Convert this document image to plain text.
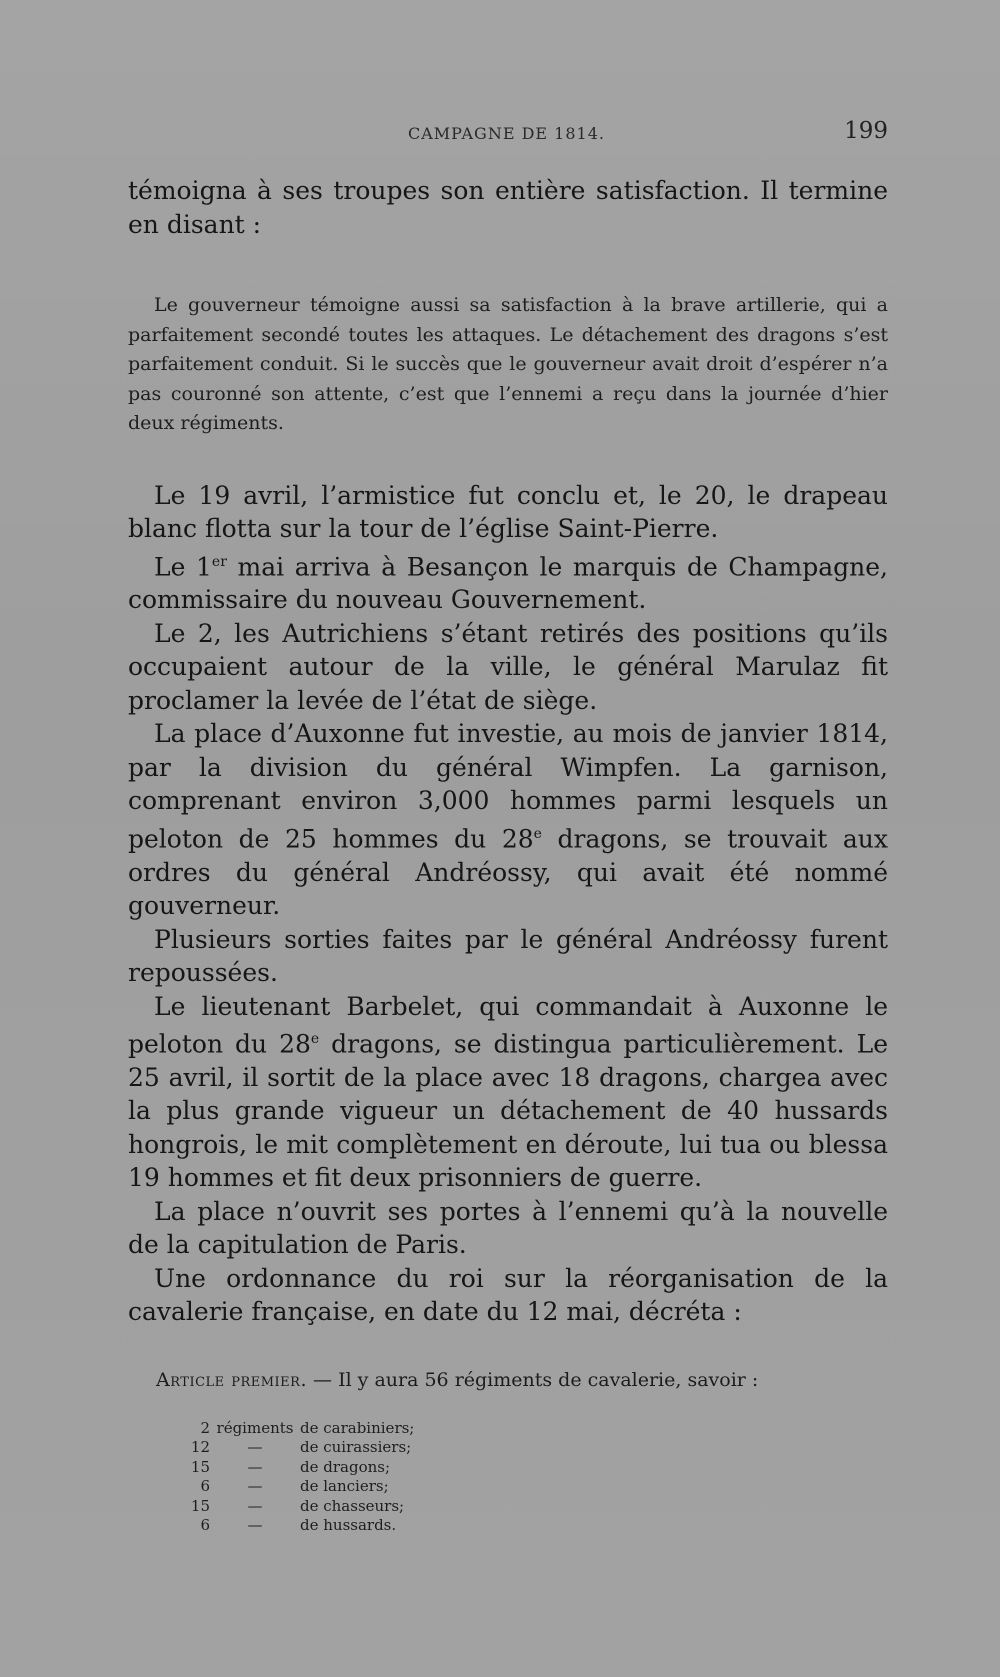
CAMPAGNE DE 1814.	199

témoigna à ses troupes son entière satisfaction. Il termine en disant :

Le gouverneur témoigne aussi sa satisfaction à la brave artillerie, qui a parfaitement secondé toutes les attaques. Le détachement des dragons s’est parfaitement conduit. Si le succès que le gouverneur avait droit d’espérer n’a pas couronné son attente, c’est que l’ennemi a reçu dans la journée d’hier deux régiments.

Le 19 avril, l’armistice fut conclu et, le 20, le drapeau blanc flotta sur la tour de l’église Saint-Pierre.

Le 1er mai arriva à Besançon le marquis de Champagne, commissaire du nouveau Gouvernement.

Le 2, les Autrichiens s’étant retirés des positions qu’ils occupaient autour de la ville, le général Marulaz fit proclamer la levée de l’état de siège.

La place d’Auxonne fut investie, au mois de janvier 1814, par la division du général Wimpfen. La garnison, comprenant environ 3,000 hommes parmi lesquels un peloton de 25 hommes du 28e dragons, se trouvait aux ordres du général Andréossy, qui avait été nommé gouverneur.

Plusieurs sorties faites par le général Andréossy furent repoussées.

Le lieutenant Barbelet, qui commandait à Auxonne le peloton du 28e dragons, se distingua particulièrement. Le 25 avril, il sortit de la place avec 18 dragons, chargea avec la plus grande vigueur un détachement de 40 hussards hongrois, le mit complètement en déroute, lui tua ou blessa 19 hommes et fit deux prisonniers de guerre.

La place n’ouvrit ses portes à l’ennemi qu’à la nouvelle de la capitulation de Paris.

Une ordonnance du roi sur la réorganisation de la cavalerie française, en date du 12 mai, décréta :

Article premier. — Il y aura 56 régiments de cavalerie, savoir :
2 régiments de carabiniers;
12	—	de cuirassiers;
15	—	de dragons;
6	—	de lanciers;
15	—	de chasseurs;
6	—	de hussards.
